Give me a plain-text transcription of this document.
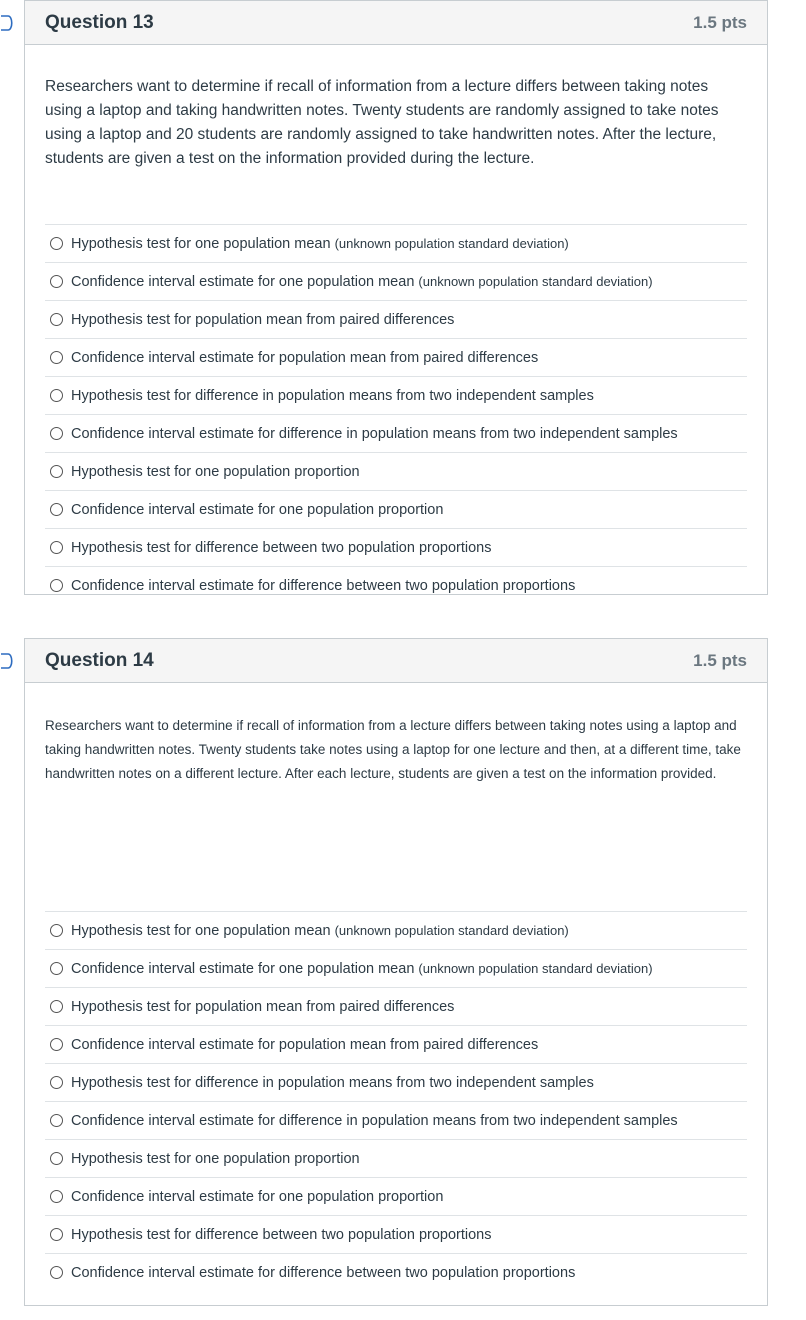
Question 13	1.5 pts
Researchers want to determine if recall of information from a lecture differs between taking notes using a laptop and taking handwritten notes. Twenty students are randomly assigned to take notes using a laptop and 20 students are randomly assigned to take handwritten notes. After the lecture, students are given a test on the information provided during the lecture.
Hypothesis test for one population mean
(unknown population standard deviation)
Confidence interval estimate for one population mean
(unknown population standard deviation)
Hypothesis test for population mean from paired differences
Confidence interval estimate for population mean from paired differences
Hypothesis test for difference in population means from two independent samples
Confidence interval estimate for difference in population means from two independent samples
Hypothesis test for one population proportion
Confidence interval estimate for one population proportion
Hypothesis test for difference between two population proportions
Confidence interval estimate for difference between two population proportions
Question 14	1.5 pts
Researchers want to determine if recall of information from a lecture differs between taking notes using a laptop and taking handwritten notes. Twenty students take notes using a laptop for one lecture and then, at a different time, take handwritten notes on a different lecture. After each lecture, students are given a test on the information provided.
Hypothesis test for one population mean
(unknown population standard deviation)
Confidence interval estimate for one population mean
(unknown population standard deviation)
Hypothesis test for population mean from paired differences
Confidence interval estimate for population mean from paired differences
Hypothesis test for difference in population means from two independent samples
Confidence interval estimate for difference in population means from two independent samples
Hypothesis test for one population proportion
Confidence interval estimate for one population proportion
Hypothesis test for difference between two population proportions
Confidence interval estimate for difference between two population proportions
